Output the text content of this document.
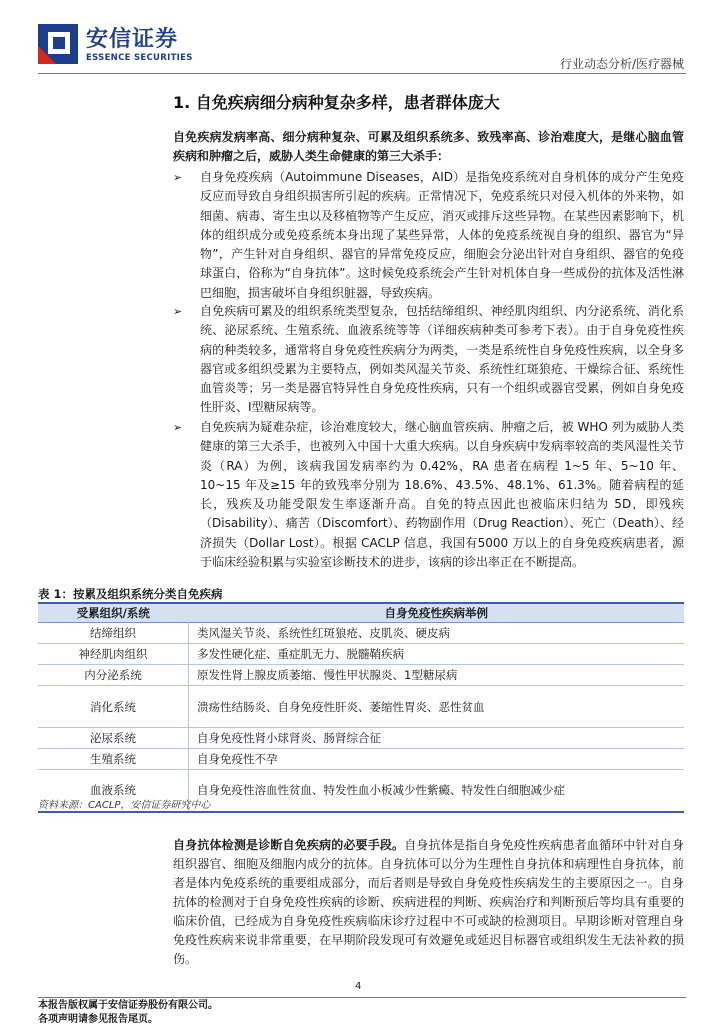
安信证券
ESSENCE SECURITIES	行业动态分析/医疗器械
1. 自免疾病细分病种复杂多样，患者群体庞大
自免疾病发病率高、细分病种复杂、可累及组织系统多、致残率高、诊治难度大，是继心脑血管疾病和肿瘤之后，威胁人类生命健康的第三大杀手：
➢ 自身免疫疾病（Autoimmune Diseases，AID）是指免疫系统对自身机体的成分产生免疫反应而导致自身组织损害所引起的疾病。正常情况下，免疫系统只对侵入机体的外来物，如细菌、病毒、寄生虫以及移植物等产生反应，消灭或排斥这些异物。在某些因素影响下，机体的组织成分或免疫系统本身出现了某些异常，人体的免疫系统视自身的组织、器官为“异物”，产生针对自身组织、器官的异常免疫反应，细胞会分泌出针对自身组织、器官的免疫球蛋白，俗称为“自身抗体”。这时候免疫系统会产生针对机体自身一些成份的抗体及活性淋巴细胞，损害破坏自身组织脏器，导致疾病。
➢ 自免疾病可累及的组织系统类型复杂，包括结缔组织、神经肌肉组织、内分泌系统、消化系统、泌尿系统、生殖系统、血液系统等等（详细疾病种类可参考下表）。由于自身免疫性疾病的种类较多，通常将自身免疫性疾病分为两类，一类是系统性自身免疫性疾病，以全身多器官或多组织受累为主要特点，例如类风湿关节炎、系统性红斑狼疮、干燥综合征、系统性血管炎等；另一类是器官特异性自身免疫性疾病，只有一个组织或器官受累，例如自身免疫性肝炎、I型糖尿病等。
➢ 自免疾病为疑难杂症，诊治难度较大，继心脑血管疾病、肿瘤之后，被 WHO 列为威胁人类健康的第三大杀手，也被列入中国十大重大疾病。以自身疾病中发病率较高的类风湿性关节炎（RA）为例，该病我国发病率约为 0.42%，RA 患者在病程 1~5 年、5~10 年、10~15 年及≥15 年的致残率分别为 18.6%、43.5%、48.1%、61.3%。随着病程的延长，残疾及功能受限发生率逐渐升高。自免的特点因此也被临床归结为 5D，即残疾（Disability）、痛苦（Discomfort）、药物副作用（Drug Reaction）、死亡（Death）、经济损失（Dollar Lost）。根据 CACLP 信息，我国有5000 万以上的自身免疫疾病患者，源于临床经验积累与实验室诊断技术的进步，该病的诊出率正在不断提高。
表 1：按累及组织系统分类自免疾病
受累组织/系统	自身免疫性疾病举例
结缔组织	类风湿关节炎、系统性红斑狼疮、皮肌炎、硬皮病
神经肌肉组织	多发性硬化症、重症肌无力、脱髓鞘疾病
内分泌系统	原发性肾上腺皮质萎缩、慢性甲状腺炎、1型糖尿病
消化系统	溃疡性结肠炎、自身免疫性肝炎、萎缩性胃炎、恶性贫血
泌尿系统	自身免疫性肾小球肾炎、肠肾综合征
生殖系统	自身免疫性不孕
血液系统	自身免疫性溶血性贫血、特发性血小板减少性紫癜、特发性白细胞减少症
资料来源：CACLP，安信证券研究中心
自身抗体检测是诊断自免疾病的必要手段。自身抗体是指自身免疫性疾病患者血循环中针对自身组织器官、细胞及细胞内成分的抗体。自身抗体可以分为生理性自身抗体和病理性自身抗体，前者是体内免疫系统的重要组成部分，而后者则是导致自身免疫性疾病发生的主要原因之一。自身抗体的检测对于自身免疫性疾病的诊断、疾病进程的判断、疾病治疗和判断预后等均具有重要的临床价值，已经成为自身免疫性疾病临床诊疗过程中不可或缺的检测项目。早期诊断对管理自身免疫性疾病来说非常重要，在早期阶段发现可有效避免或延迟目标器官或组织发生无法补救的损伤。
4
本报告版权属于安信证券股份有限公司。
各项声明请参见报告尾页。
